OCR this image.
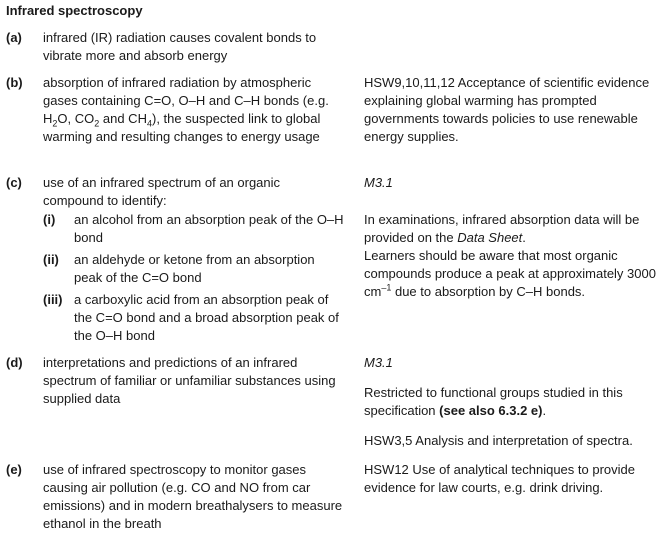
Infrared spectroscopy
(a) infrared (IR) radiation causes covalent bonds to vibrate more and absorb energy
(b) absorption of infrared radiation by atmospheric gases containing C=O, O–H and C–H bonds (e.g. $H_2O$, $CO_2$ and $CH_4$), the suspected link to global warming and resulting changes to energy usage
HSW9,10,11,12 Acceptance of scientific evidence explaining global warming has prompted governments towards policies to use renewable energy supplies.
(c) use of an infrared spectrum of an organic compound to identify:
M3.1
(i) an alcohol from an absorption peak of the O–H bond
(ii) an aldehyde or ketone from an absorption peak of the C=O bond
(iii) a carboxylic acid from an absorption peak of the C=O bond and a broad absorption peak of the O–H bond

In examinations, infrared absorption data will be provided on the Data Sheet.

Learners should be aware that most organic compounds produce a peak at approximately 3000 $cm^{-1}$ due to absorption by C–H bonds.

(d) interpretations and predictions of an infrared spectrum of familiar or unfamiliar substances using supplied data
M3.1
Restricted to functional groups studied in this specification (see also 6.3.2 e).
HSW3,5 Analysis and interpretation of spectra.
(e) use of infrared spectroscopy to monitor gases causing air pollution (e.g. CO and NO from car emissions) and in modern breathalysers to measure ethanol in the breath
HSW12 Use of analytical techniques to provide evidence for law courts, e.g. drink driving.
